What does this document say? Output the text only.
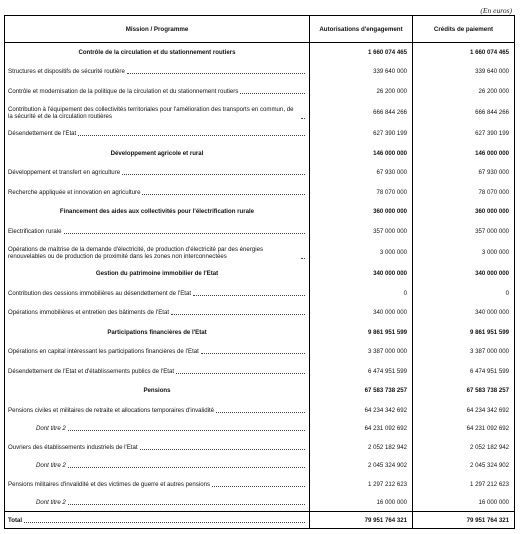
(En euros)
Mission / Programme	Autorisations d'engagement	Crédits de paiement
Contrôle de la circulation et du stationnement routiers	1 660 074 465	1 660 074 465

Structures et dispositifs de sécurité routière	339 640 000	339 640 000

Contrôle et modernisation de la politique de la circulation et du stationnement routiers	26 200 000	26 200 000

Contribution à l'équipement des collectivités territoriales pour l'amélioration des transports en commun, de la sécurité et de la circulation routières	666 844 266	666 844 266

Désendettement de l'Etat	627 390 199	627 390 199
Développement agricole et rural	146 000 000	146 000 000

Développement et transfert en agriculture	67 930 000	67 930 000

Recherche appliquée et innovation en agriculture	78 070 000	78 070 000
Financement des aides aux collectivités pour l'électrification rurale	360 000 000	360 000 000

Electrification rurale	357 000 000	357 000 000

Opérations de maîtrise de la demande d'électricité, de production d'électricité par des énergies renouvelables ou de production de proximité dans les zones non interconnectées	3 000 000	3 000 000
Gestion du patrimoine immobilier de l'Etat	340 000 000	340 000 000

Contribution des cessions immobilières au désendettement de l'Etat	0	0

Opérations immobilières et entretien des bâtiments de l'Etat	340 000 000	340 000 000
Participations financières de l'Etat	9 861 951 599	9 861 951 599

Opérations en capital intéressant les participations financières de l'Etat	3 387 000 000	3 387 000 000

Désendettement de l'Etat et d'établissements publics de l'Etat	6 474 951 599	6 474 951 599
Pensions	67 583 738 257	67 583 738 257

Pensions civiles et militaires de retraite et allocations temporaires d'invalidité	64 234 342 692	64 234 342 692

Dont titre 2	64 231 092 692	64 231 092 692

Ouvriers des établissements industriels de l'Etat	2 052 182 942	2 052 182 942

Dont titre 2	2 045 324 902	2 045 324 902

Pensions militaires d'invalidité et des victimes de guerre et autres pensions	1 297 212 623	1 297 212 623

Dont titre 2	16 000 000	16 000 000

Total	79 951 764 321	79 951 764 321
